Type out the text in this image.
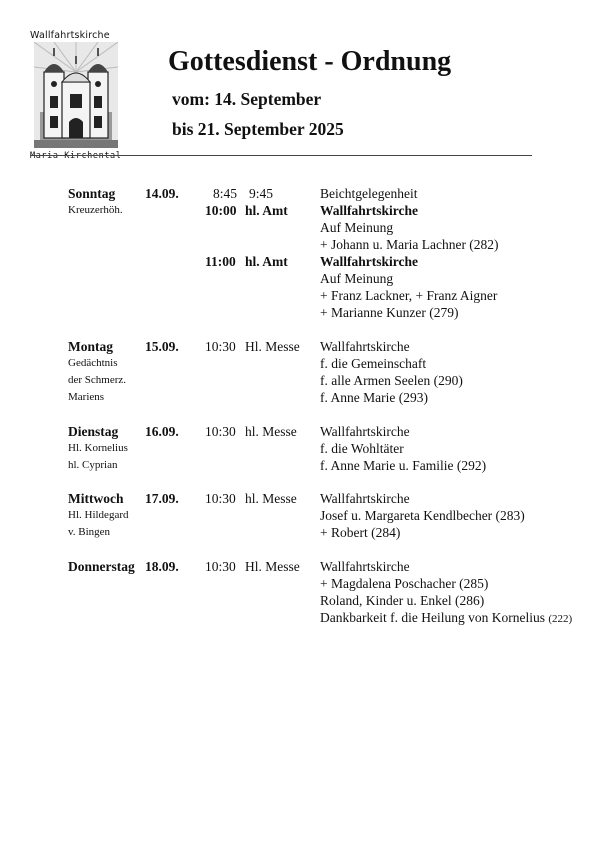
Wallfahrtskirche
Maria Kirchental
Gottesdienst - Ordnung
vom: 14. September
bis 21. September 2025
Sonntag 14.09.
Kreuzerhöh.
8:45 9:45	Beichtgelegenheit
10:00 hl. Amt Wallfahrtskirche
Auf Meinung
+ Johann u. Maria Lachner (282)
11:00 hl. Amt Wallfahrtskirche
Auf Meinung
+ Franz Lackner, + Franz Aigner
+ Marianne Kunzer (279)
Montag 15.09.
Gedächtnis
der Schmerz.
Mariens
10:30 Hl. Messe Wallfahrtskirche
f. die Gemeinschaft
f. alle Armen Seelen (290)
f. Anne Marie (293)
Dienstag 16.09.
Hl. Kornelius
hl. Cyprian
10:30 hl. Messe Wallfahrtskirche
f. die Wohltäter
f. Anne Marie u. Familie (292)
Mittwoch 17.09.
Hl. Hildegard
v. Bingen
10:30 hl. Messe Wallfahrtskirche
Josef u. Margareta Kendlbecher (283)
+ Robert (284)
Donnerstag 18.09. 10:30 Hl. Messe Wallfahrtskirche
+ Magdalena Poschacher (285)
Roland, Kinder u. Enkel (286)
Dankbarkeit f. die Heilung von Kornelius (222)
